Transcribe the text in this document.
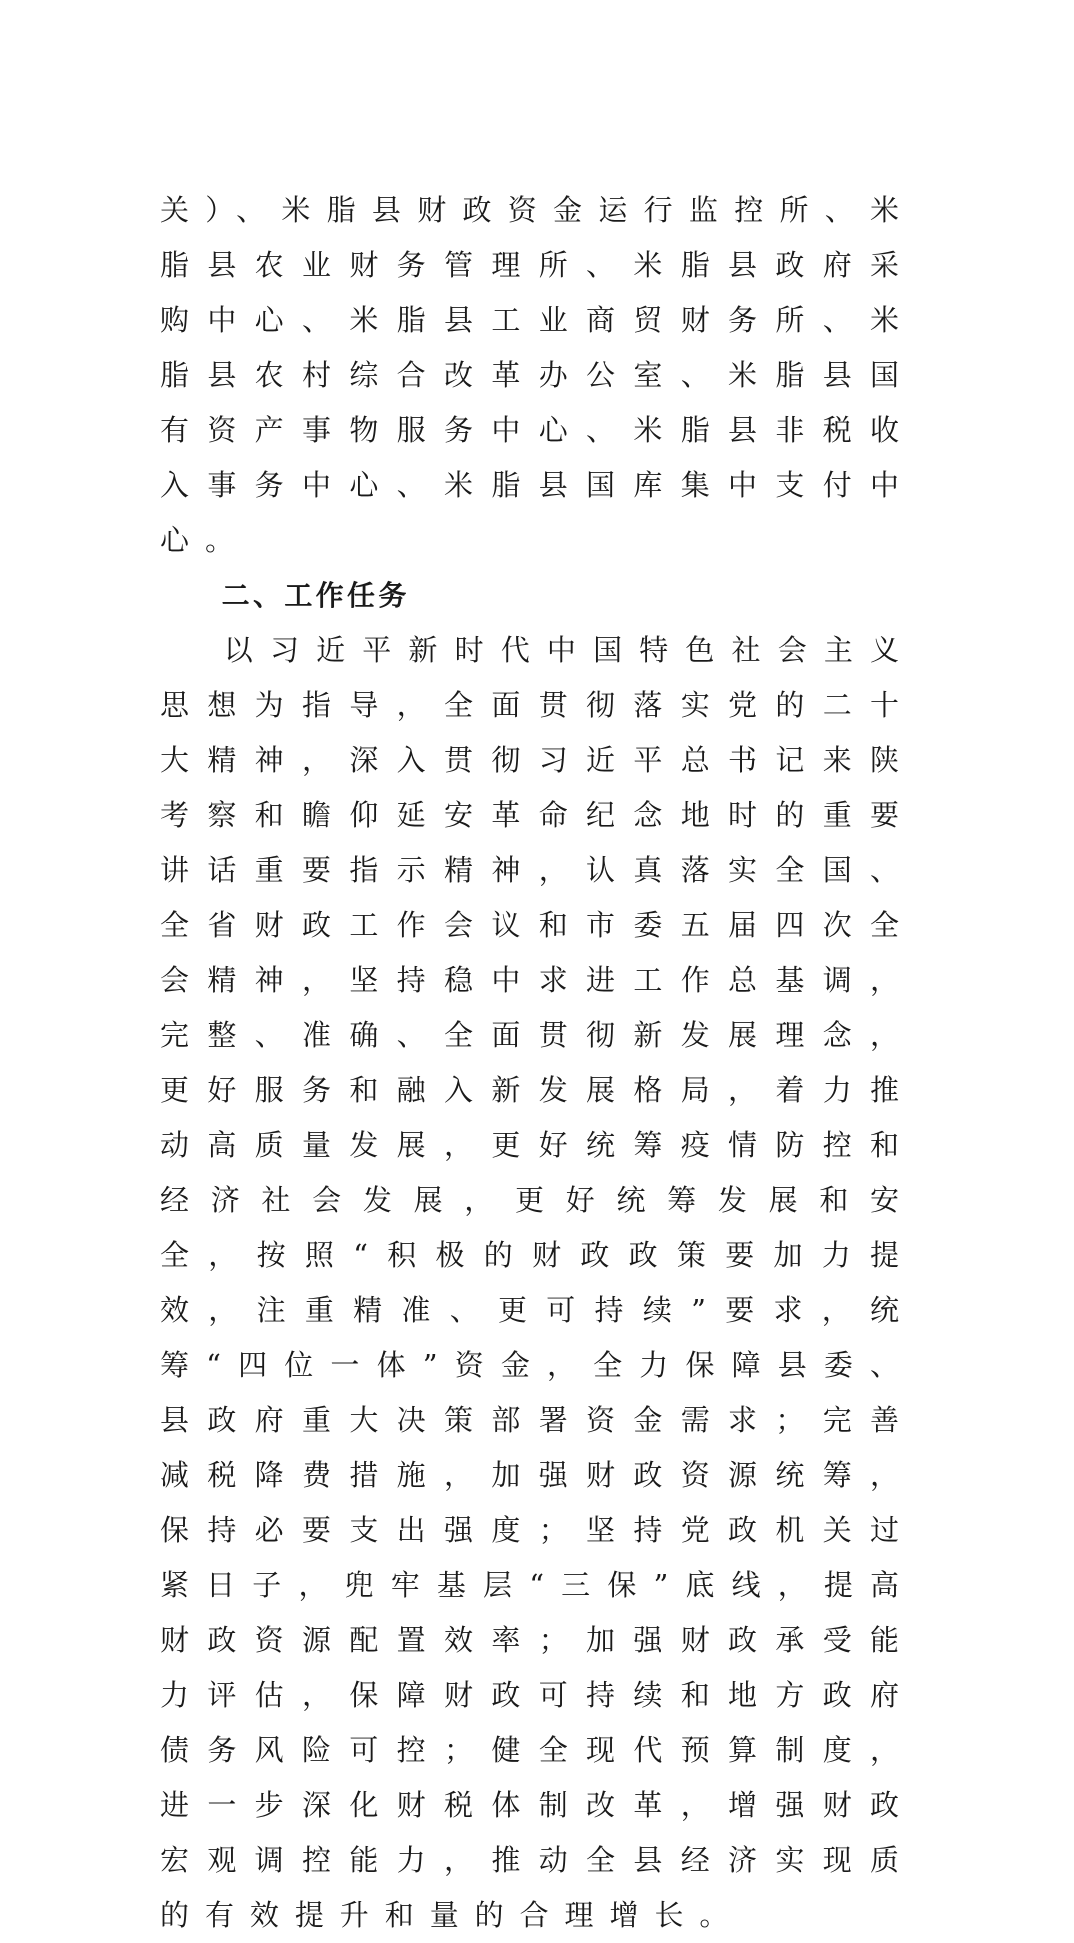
关）、米脂县财政资金运行监控所、米脂县农业财务管理所、米脂县政府采购中心、米脂县工业商贸财务所、米脂县农村综合改革办公室、米脂县国有资产事物服务中心、米脂县非税收入事务中心、米脂县国库集中支付中心。

二、工作任务

以习近平新时代中国特色社会主义思想为指导，全面贯彻落实党的二十大精神，深入贯彻习近平总书记来陕考察和瞻仰延安革命纪念地时的重要讲话重要指示精神，认真落实全国、全省财政工作会议和市委五届四次全会精神，坚持稳中求进工作总基调，完整、准确、全面贯彻新发展理念，更好服务和融入新发展格局，着力推动高质量发展，更好统筹疫情防控和经济社会发展，更好统筹发展和安全，按照“积极的财政政策要加力提效，注重精准、更可持续”要求，统筹“四位一体”资金，全力保障县委、县政府重大决策部署资金需求；完善减税降费措施，加强财政资源统筹，保持必要支出强度；坚持党政机关过紧日子，兜牢基层“三保”底线，提高财政资源配置效率；加强财政承受能力评估，保障财政可持续和地方政府债务风险可控；健全现代预算制度，进一步深化财税体制改革，增强财政宏观调控能力，推动全县经济实现质的有效提升和量的合理增长。
